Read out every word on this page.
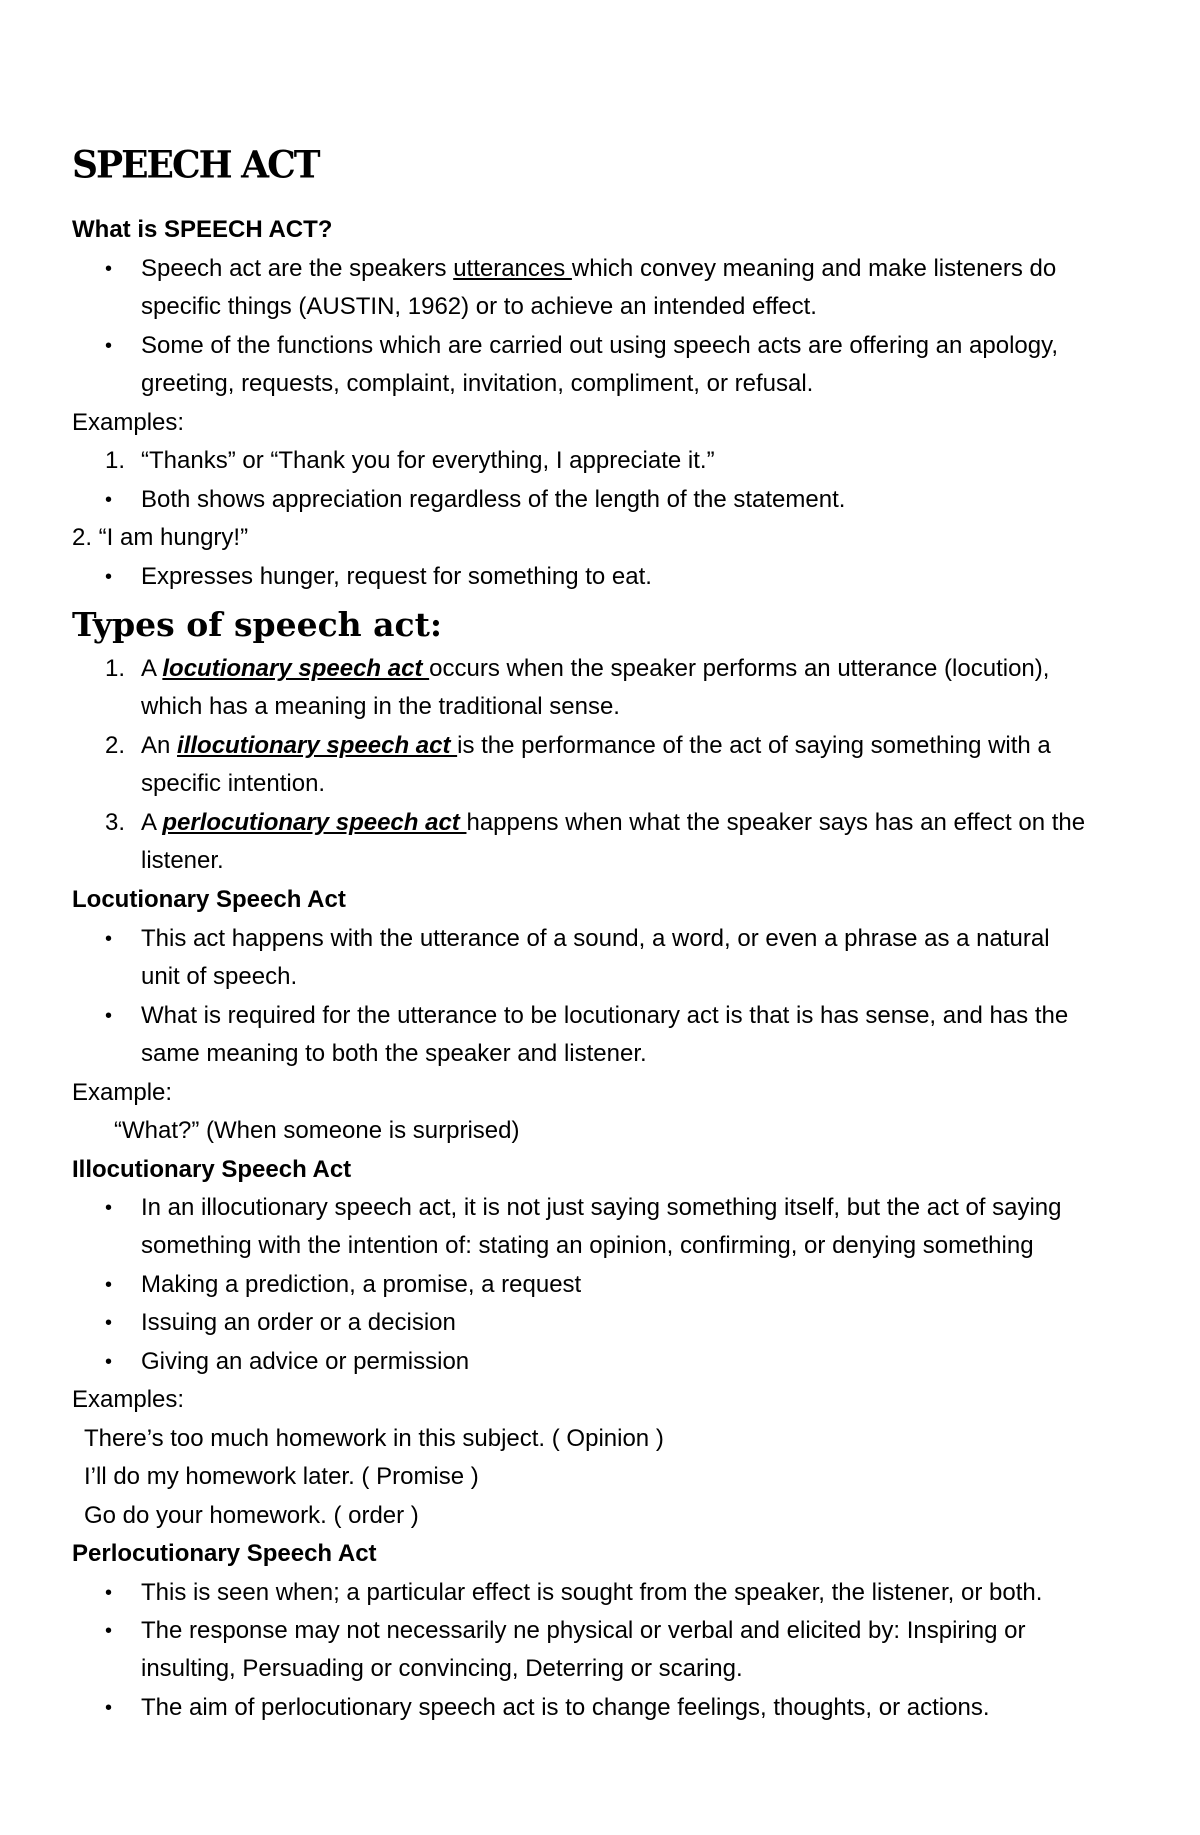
SPEECH ACT
What is SPEECH ACT?
• Speech act are the speakers utterances which convey meaning and make listeners do
specific things (AUSTIN, 1962) or to achieve an intended effect.
• Some of the functions which are carried out using speech acts are offering an apology,
greeting, requests, complaint, invitation, compliment, or refusal.
Examples:
1. “Thanks” or “Thank you for everything, I appreciate it.”
• Both shows appreciation regardless of the length of the statement.
2. “I am hungry!”
• Expresses hunger, request for something to eat.
Types of speech act:
1. A locutionary speech act occurs when the speaker performs an utterance (locution),
which has a meaning in the traditional sense.
2. An illocutionary speech act is the performance of the act of saying something with a
specific intention.
3. A perlocutionary speech act happens when what the speaker says has an effect on the
listener.
Locutionary Speech Act
• This act happens with the utterance of a sound, a word, or even a phrase as a natural
unit of speech.
• What is required for the utterance to be locutionary act is that is has sense, and has the
same meaning to both the speaker and listener.
Example:
“What?” (When someone is surprised)
Illocutionary Speech Act
• In an illocutionary speech act, it is not just saying something itself, but the act of saying
something with the intention of: stating an opinion, confirming, or denying something
• Making a prediction, a promise, a request
• Issuing an order or a decision
• Giving an advice or permission
Examples:
There’s too much homework in this subject. ( Opinion )
I’ll do my homework later. ( Promise )
Go do your homework. ( order )
Perlocutionary Speech Act
• This is seen when; a particular effect is sought from the speaker, the listener, or both.
• The response may not necessarily ne physical or verbal and elicited by: Inspiring or
insulting, Persuading or convincing, Deterring or scaring.
• The aim of perlocutionary speech act is to change feelings, thoughts, or actions.
